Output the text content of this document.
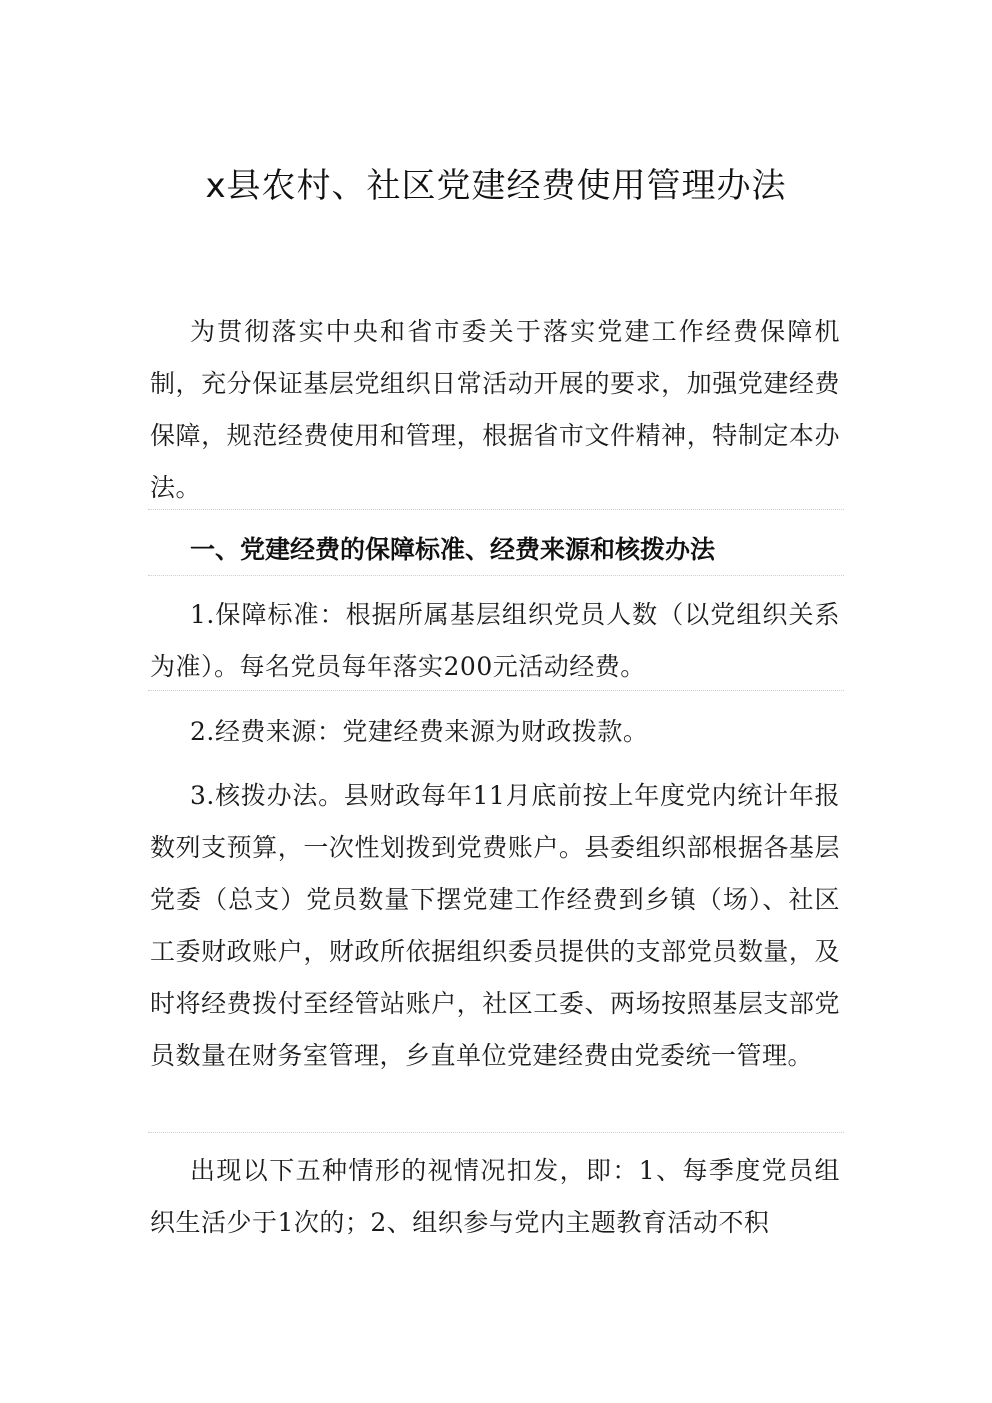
x县农村、社区党建经费使用管理办法

为贯彻落实中央和省市委关于落实党建工作经费保障机制，充分保证基层党组织日常活动开展的要求，加强党建经费保障，规范经费使用和管理，根据省市文件精神，特制定本办法。

一、党建经费的保障标准、经费来源和核拨办法

1.保障标准：根据所属基层组织党员人数（以党组织关系为准）。每名党员每年落实200元活动经费。

2.经费来源：党建经费来源为财政拨款。

3.核拨办法。县财政每年11月底前按上年度党内统计年报数列支预算，一次性划拨到党费账户。县委组织部根据各基层党委（总支）党员数量下摆党建工作经费到乡镇（场）、社区工委财政账户，财政所依据组织委员提供的支部党员数量，及时将经费拨付至经管站账户，社区工委、两场按照基层支部党员数量在财务室管理，乡直单位党建经费由党委统一管理。

出现以下五种情形的视情况扣发，即：1、每季度党员组织生活少于1次的；2、组织参与党内主题教育活动不积
